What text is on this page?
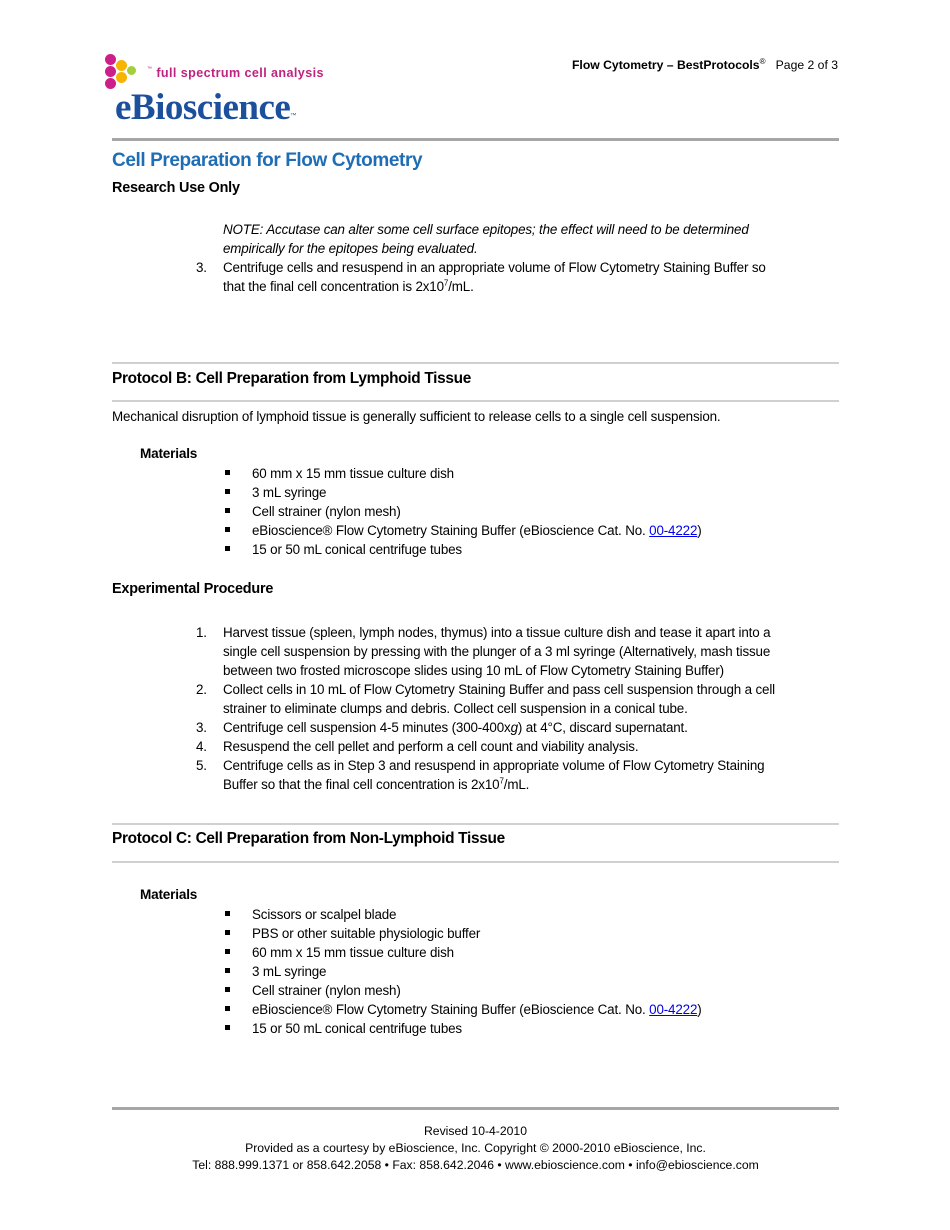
Flow Cytometry – BestProtocols® Page 2 of 3
™ full spectrum cell analysis
eBioscience™
Cell Preparation for Flow Cytometry
Research Use Only
NOTE: Accutase can alter some cell surface epitopes; the effect will need to be determined
empirically for the epitopes being evaluated.
3.	Centrifuge cells and resuspend in an appropriate volume of Flow Cytometry Staining Buffer so
that the final cell concentration is $2x10^7/mL$.
Protocol B: Cell Preparation from Lymphoid Tissue
Mechanical disruption of lymphoid tissue is generally sufficient to release cells to a single cell suspension.
Materials
60 mm x 15 mm tissue culture dish
3 mL syringe
Cell strainer (nylon mesh)
eBioscience® Flow Cytometry Staining Buffer (eBioscience Cat. No. 00-4222)
15 or 50 mL conical centrifuge tubes
Experimental Procedure
1.	Harvest tissue (spleen, lymph nodes, thymus) into a tissue culture dish and tease it apart into a
single cell suspension by pressing with the plunger of a 3 ml syringe (Alternatively, mash tissue
between two frosted microscope slides using 10 mL of Flow Cytometry Staining Buffer)
2.	Collect cells in 10 mL of Flow Cytometry Staining Buffer and pass cell suspension through a cell
strainer to eliminate clumps and debris. Collect cell suspension in a conical tube.
3.	Centrifuge cell suspension 4-5 minutes (300-400xg) at 4°C, discard supernatant.
4.	Resuspend the cell pellet and perform a cell count and viability analysis.
5.	Centrifuge cells as in Step 3 and resuspend in appropriate volume of Flow Cytometry Staining
Buffer so that the final cell concentration is $2x10^7/mL$.
Protocol C: Cell Preparation from Non-Lymphoid Tissue
Materials
Scissors or scalpel blade
PBS or other suitable physiologic buffer
60 mm x 15 mm tissue culture dish
3 mL syringe
Cell strainer (nylon mesh)
eBioscience® Flow Cytometry Staining Buffer (eBioscience Cat. No. 00-4222)
15 or 50 mL conical centrifuge tubes
Revised 10-4-2010
Provided as a courtesy by eBioscience, Inc. Copyright © 2000-2010 eBioscience, Inc.
Tel: 888.999.1371 or 858.642.2058 • Fax: 858.642.2046 • www.ebioscience.com • info@ebioscience.com
